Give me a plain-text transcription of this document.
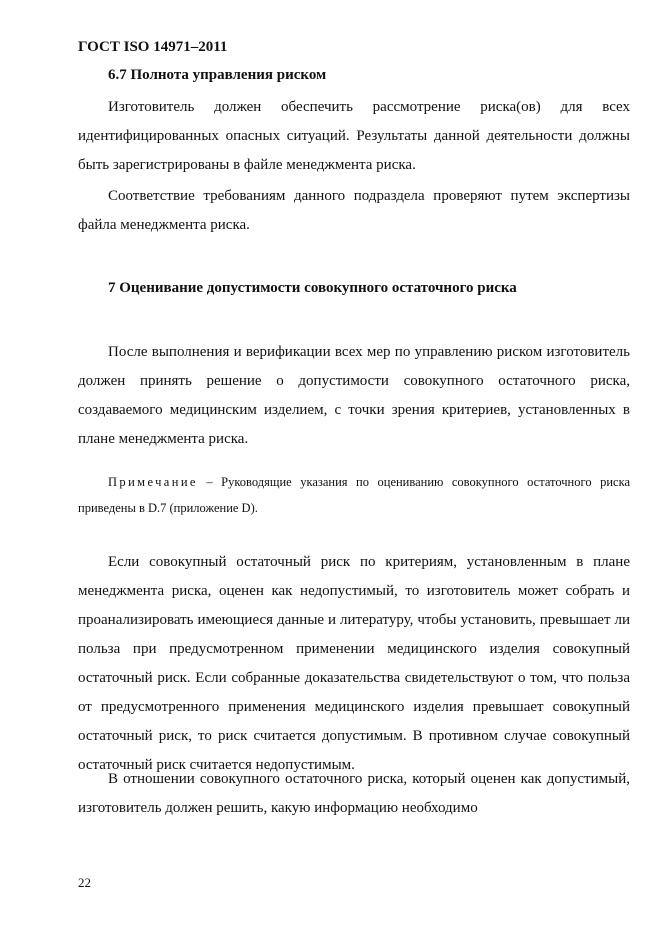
ГОСТ ISO 14971–2011
6.7 Полнота управления риском

Изготовитель должен обеспечить рассмотрение риска(ов) для всех идентифицированных опасных ситуаций. Результаты данной деятельности должны быть зарегистрированы в файле менеджмента риска.

Соответствие требованиям данного подраздела проверяют путем экспертизы файла менеджмента риска.

7 Оценивание допустимости совокупного остаточного риска

После выполнения и верификации всех мер по управлению риском изготовитель должен принять решение о допустимости совокупного остаточного риска, создаваемого медицинским изделием, с точки зрения критериев, установленных в плане менеджмента риска.

Примечание – Руководящие указания по оцениванию совокупного остаточного риска приведены в D.7 (приложение D).

Если совокупный остаточный риск по критериям, установленным в плане менеджмента риска, оценен как недопустимый, то изготовитель может собрать и проанализировать имеющиеся данные и литературу, чтобы установить, превышает ли польза при предусмотренном применении медицинского изделия совокупный остаточный риск. Если собранные доказательства свидетельствуют о том, что польза от предусмотренного применения медицинского изделия превышает совокупный остаточный риск, то риск считается допустимым. В противном случае совокупный остаточный риск считается недопустимым.

В отношении совокупного остаточного риска, который оценен как допустимый, изготовитель должен решить, какую информацию необходимо

22
